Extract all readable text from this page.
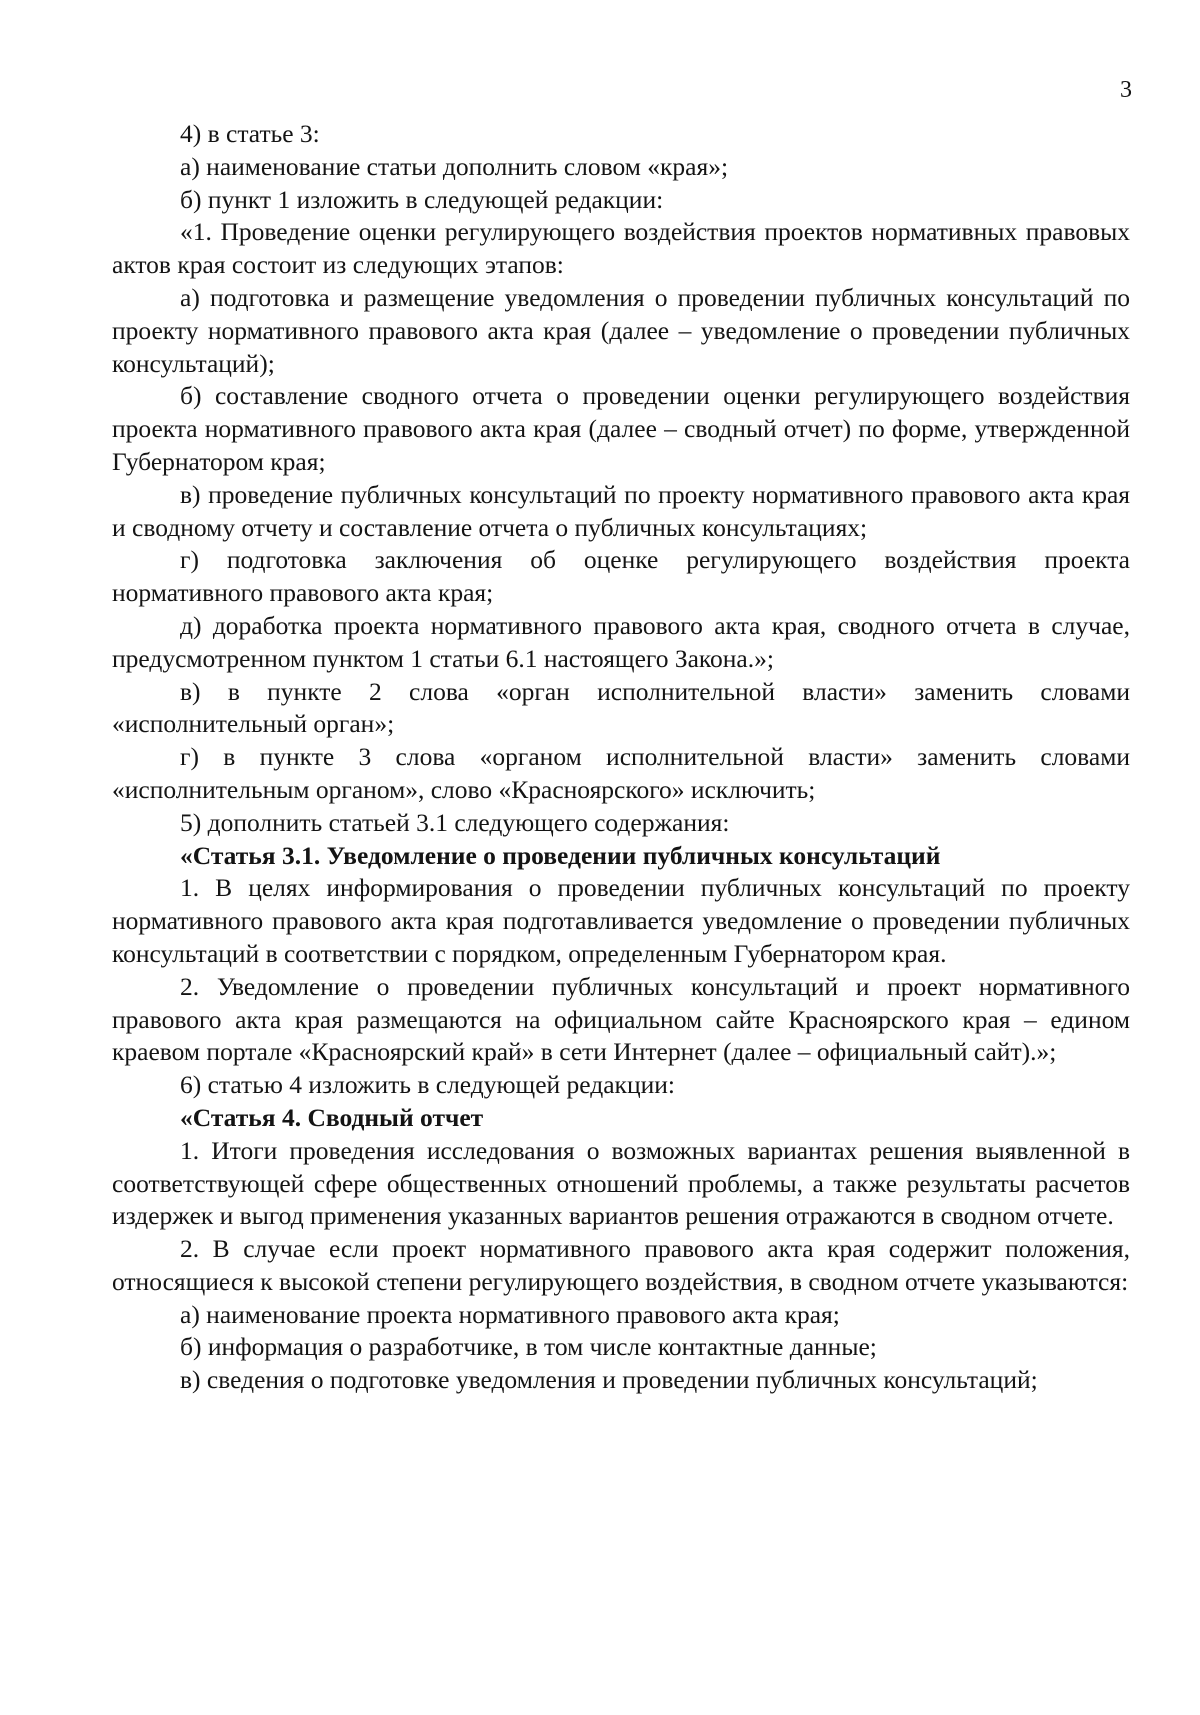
3

4) в статье 3:

а) наименование статьи дополнить словом «края»;

б) пункт 1 изложить в следующей редакции:

«1. Проведение оценки регулирующего воздействия проектов нормативных правовых актов края состоит из следующих этапов:

а) подготовка и размещение уведомления о проведении публичных консультаций по проекту нормативного правового акта края (далее – уведомление о проведении публичных консультаций);

б) составление сводного отчета о проведении оценки регулирующего воздействия проекта нормативного правового акта края (далее – сводный отчет) по форме, утвержденной Губернатором края;

в) проведение публичных консультаций по проекту нормативного правового акта края и сводному отчету и составление отчета о публичных консультациях;

г) подготовка заключения об оценке регулирующего воздействия проекта нормативного правового акта края;

д) доработка проекта нормативного правового акта края, сводного отчета в случае, предусмотренном пунктом 1 статьи 6.1 настоящего Закона.»;

в) в пункте 2 слова «орган исполнительной власти» заменить словами «исполнительный орган»;

г) в пункте 3 слова «органом исполнительной власти» заменить словами «исполнительным органом», слово «Красноярского» исключить;

5) дополнить статьей 3.1 следующего содержания:

«Статья 3.1. Уведомление о проведении публичных консультаций

1. В целях информирования о проведении публичных консультаций по проекту нормативного правового акта края подготавливается уведомление о проведении публичных консультаций в соответствии с порядком, определенным Губернатором края.

2. Уведомление о проведении публичных консультаций и проект нормативного правового акта края размещаются на официальном сайте Красноярского края – едином краевом портале «Красноярский край» в сети Интернет (далее – официальный сайт).»;

6) статью 4 изложить в следующей редакции:

«Статья 4. Сводный отчет

1. Итоги проведения исследования о возможных вариантах решения выявленной в соответствующей сфере общественных отношений проблемы, а также результаты расчетов издержек и выгод применения указанных вариантов решения отражаются в сводном отчете.

2. В случае если проект нормативного правового акта края содержит положения, относящиеся к высокой степени регулирующего воздействия, в сводном отчете указываются:

а) наименование проекта нормативного правового акта края;

б) информация о разработчике, в том числе контактные данные;

в) сведения о подготовке уведомления и проведении публичных консультаций;
